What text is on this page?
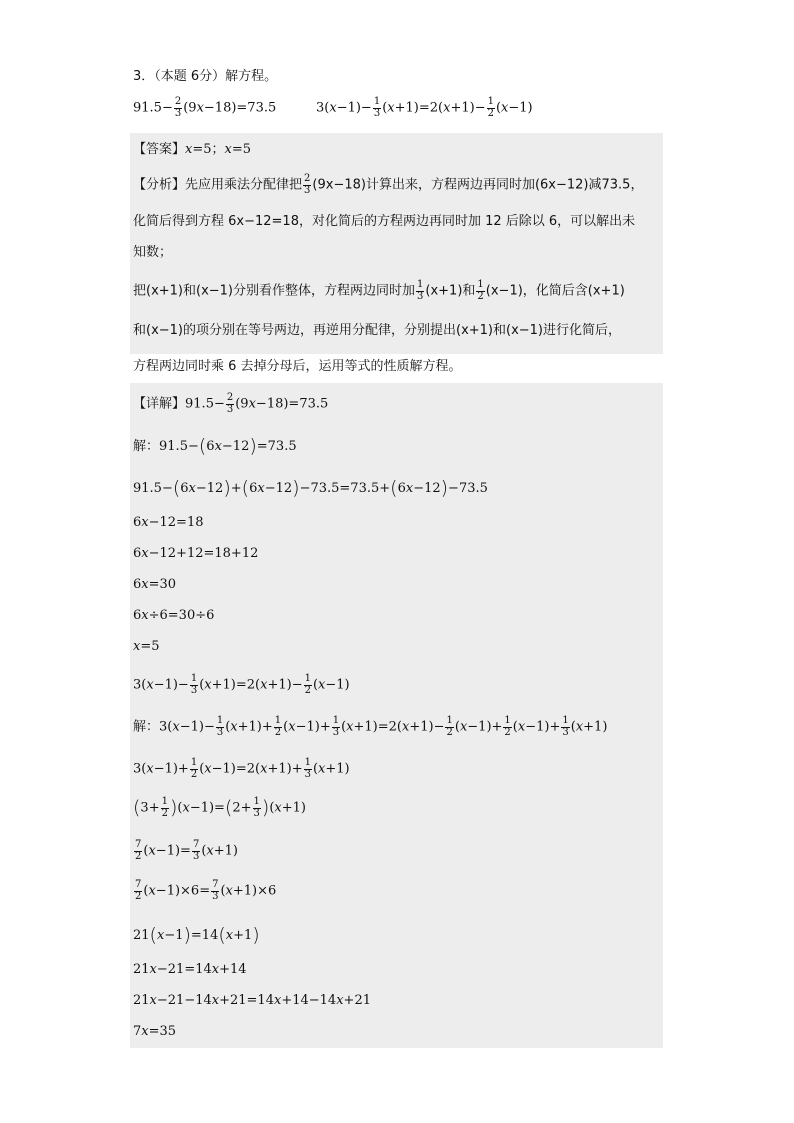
3．（本题 6分）解方程。
$91.5- \frac{2}{3} (9x-18)=73.5$	$3(x-1)- \frac{1}{3} (x+1)=2(x+1)- \frac{1}{2} (x-1)$
【答案】x=5；x=5
【分析】先应用乘法分配律把 $\frac{2}{3} (9x-18)$计算出来，方程两边再同时加(6x−12)减73.5，
化简后得到方程 6x−12=18，对化简后的方程两边再同时加 12 后除以 6，可以解出未
知数；
把(x+1)和(x−1)分别看作整体，方程两边同时加 $\frac{1}{3} (x+1)$和 $\frac{1}{2} (x-1)$，化简后含(x+1)
和(x−1)的项分别在等号两边，再逆用分配律，分别提出(x+1)和(x−1)进行化简后，
方程两边同时乘 6 去掉分母后，运用等式的性质解方程。
【详解】$91.5- \frac{2}{3} (9x-18)=73.5$
解：91.5−(6x−12)=73.5
91.5−(6x−12)+(6x−12)−73.5=73.5+(6x−12)−73.5
6x−12=18
6x−12+12=18+12
6x=30
6x÷6=30÷6
x=5
$3(x-1)- \frac{1}{3} (x+1)=2(x+1)- \frac{1}{2} (x-1)$
解：$3(x-1)- \frac{1}{3} (x+1)+ \frac{1}{2} (x-1)+ \frac{1}{3} (x+1)=2(x+1)- \frac{1}{2} (x-1)+ \frac{1}{2} (x-1)+ \frac{1}{3} (x+1)$
$3(x-1)+ \frac{1}{2} (x-1)=2(x+1)+ \frac{1}{3} (x+1)$
$(3+ \frac{1}{2} )(x-1)=(2+ \frac{1}{3} )(x+1)$
$\frac{7}{2} (x-1)= \frac{7}{3} (x+1)$
$\frac{7}{2} (x-1)\times 6= \frac{7}{3} (x+1)\times 6$
21(x−1)=14(x+1)
21x−21=14x+14
21x−21−14x+21=14x+14−14x+21
7x=35
